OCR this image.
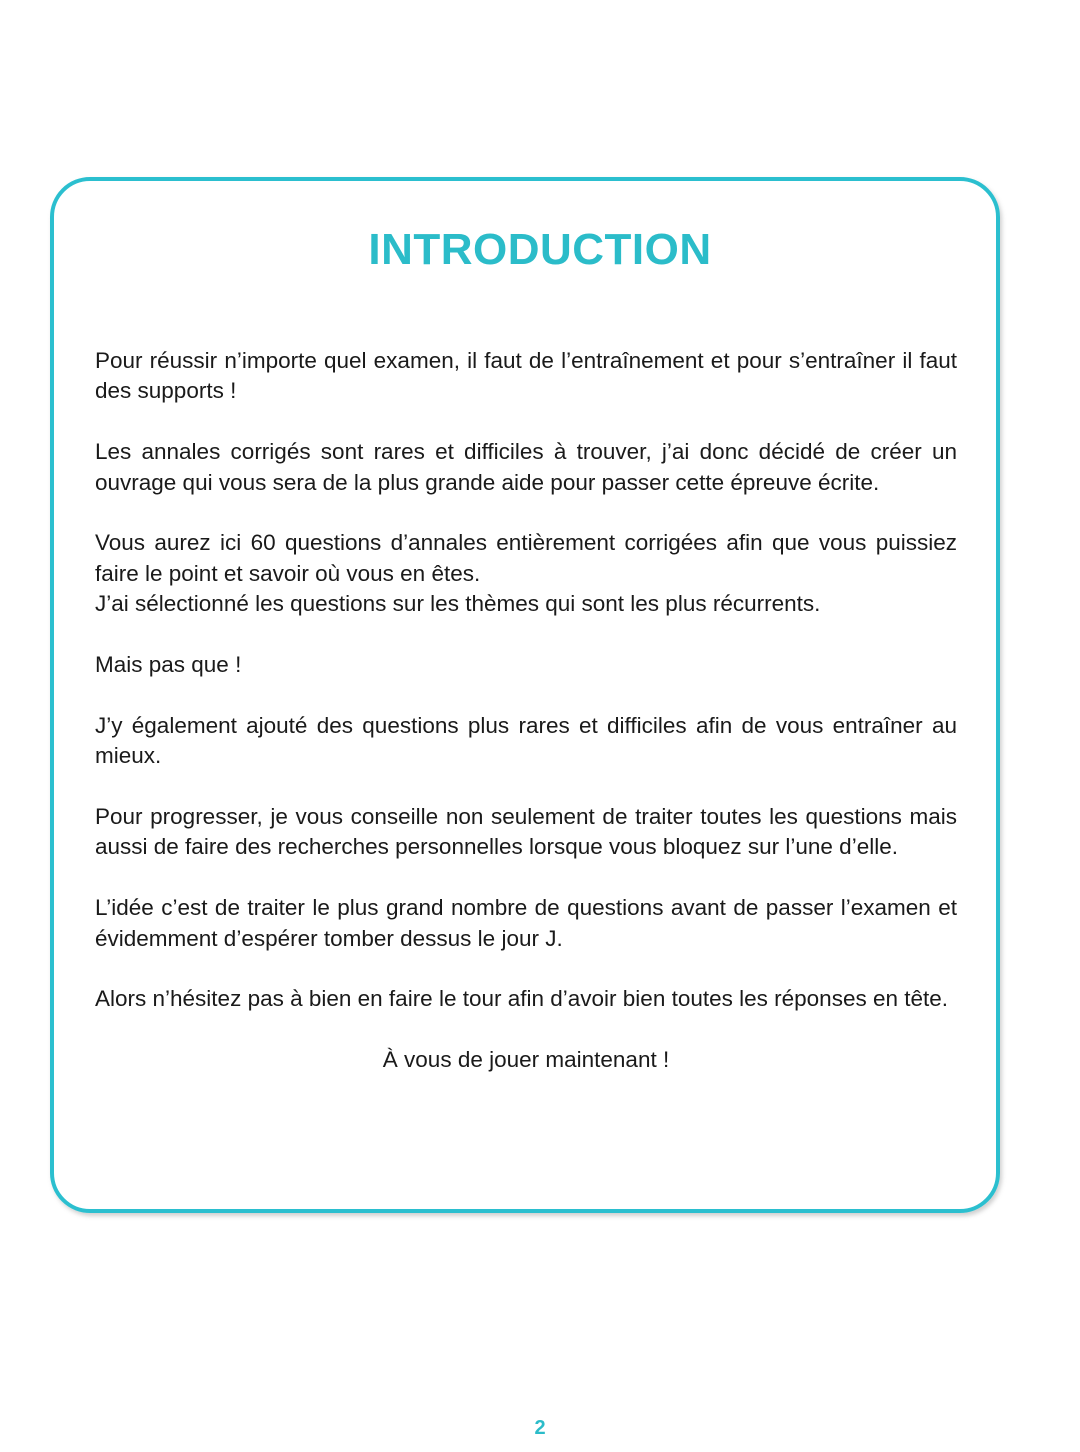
INTRODUCTION

Pour réussir n’importe quel examen, il faut de l’entraînement et pour s’entraîner il faut des supports !

Les annales corrigés sont rares et difficiles à trouver, j’ai donc décidé de créer un ouvrage qui vous sera de la plus grande aide pour passer cette épreuve écrite.

Vous aurez ici 60 questions d’annales entièrement corrigées afin que vous puissiez faire le point et savoir où vous en êtes.

J’ai sélectionné les questions sur les thèmes qui sont les plus récurrents.

Mais pas que !

J’y également ajouté des questions plus rares et difficiles afin de vous entraîner au mieux.

Pour progresser, je vous conseille non seulement de traiter toutes les questions mais aussi de faire des recherches personnelles lorsque vous bloquez sur l’une d’elle.

L’idée c’est de traiter le plus grand nombre de questions avant de passer l’examen et évidemment d’espérer tomber dessus le jour J.

Alors n’hésitez pas à bien en faire le tour afin d’avoir bien toutes les réponses en tête.

À vous de jouer maintenant !

2
